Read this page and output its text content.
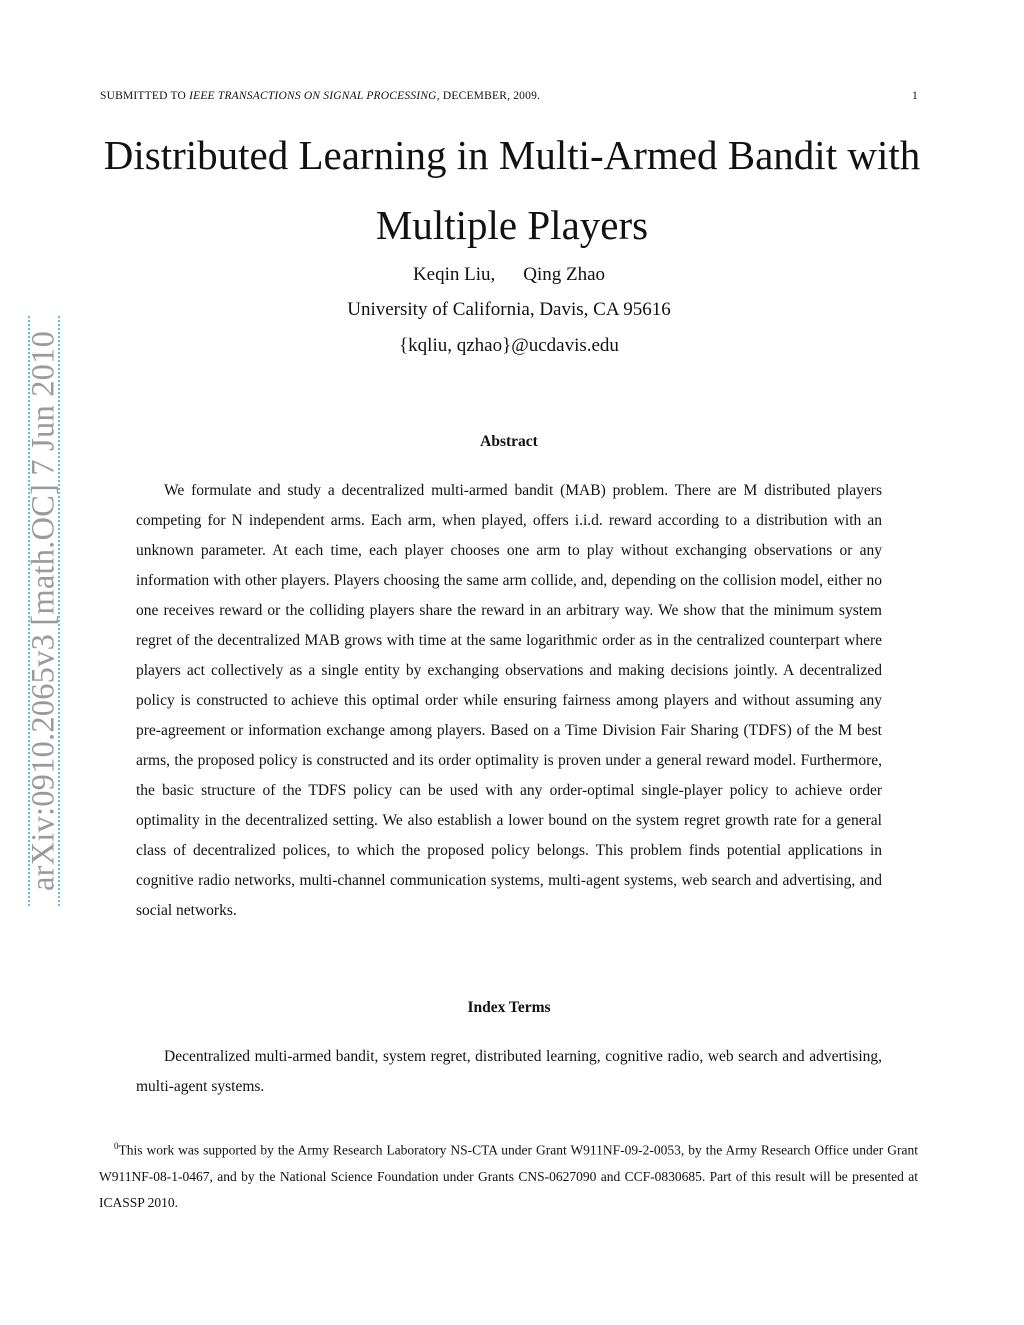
SUBMITTED TO IEEE TRANSACTIONS ON SIGNAL PROCESSING, DECEMBER, 2009.	1
Distributed Learning in Multi-Armed Bandit with
Multiple Players
Keqin Liu, Qing Zhao
University of California, Davis, CA 95616
{kqliu, qzhao}@ucdavis.edu
Abstract

We formulate and study a decentralized multi-armed bandit (MAB) problem. There are M distributed players competing for N independent arms. Each arm, when played, offers i.i.d. reward according to a distribution with an unknown parameter. At each time, each player chooses one arm to play without exchanging observations or any information with other players. Players choosing the same arm collide, and, depending on the collision model, either no one receives reward or the colliding players share the reward in an arbitrary way. We show that the minimum system regret of the decentralized MAB grows with time at the same logarithmic order as in the centralized counterpart where players act collectively as a single entity by exchanging observations and making decisions jointly. A decentralized policy is constructed to achieve this optimal order while ensuring fairness among players and without assuming any pre-agreement or information exchange among players. Based on a Time Division Fair Sharing (TDFS) of the M best arms, the proposed policy is constructed and its order optimality is proven under a general reward model. Furthermore, the basic structure of the TDFS policy can be used with any order-optimal single-player policy to achieve order optimality in the decentralized setting. We also establish a lower bound on the system regret growth rate for a general class of decentralized polices, to which the proposed policy belongs. This problem finds potential applications in cognitive radio networks, multi-channel communication systems, multi-agent systems, web search and advertising, and social networks.

Index Terms

Decentralized multi-armed bandit, system regret, distributed learning, cognitive radio, web search and advertising, multi-agent systems.

$^0$This work was supported by the Army Research Laboratory NS-CTA under Grant W911NF-09-2-0053, by the Army Research Office under Grant W911NF-08-1-0467, and by the National Science Foundation under Grants CNS-0627090 and CCF-0830685. Part of this result will be presented at ICASSP 2010.

arXiv:0910.2065v3 [math.OC] 7 Jun 2010
